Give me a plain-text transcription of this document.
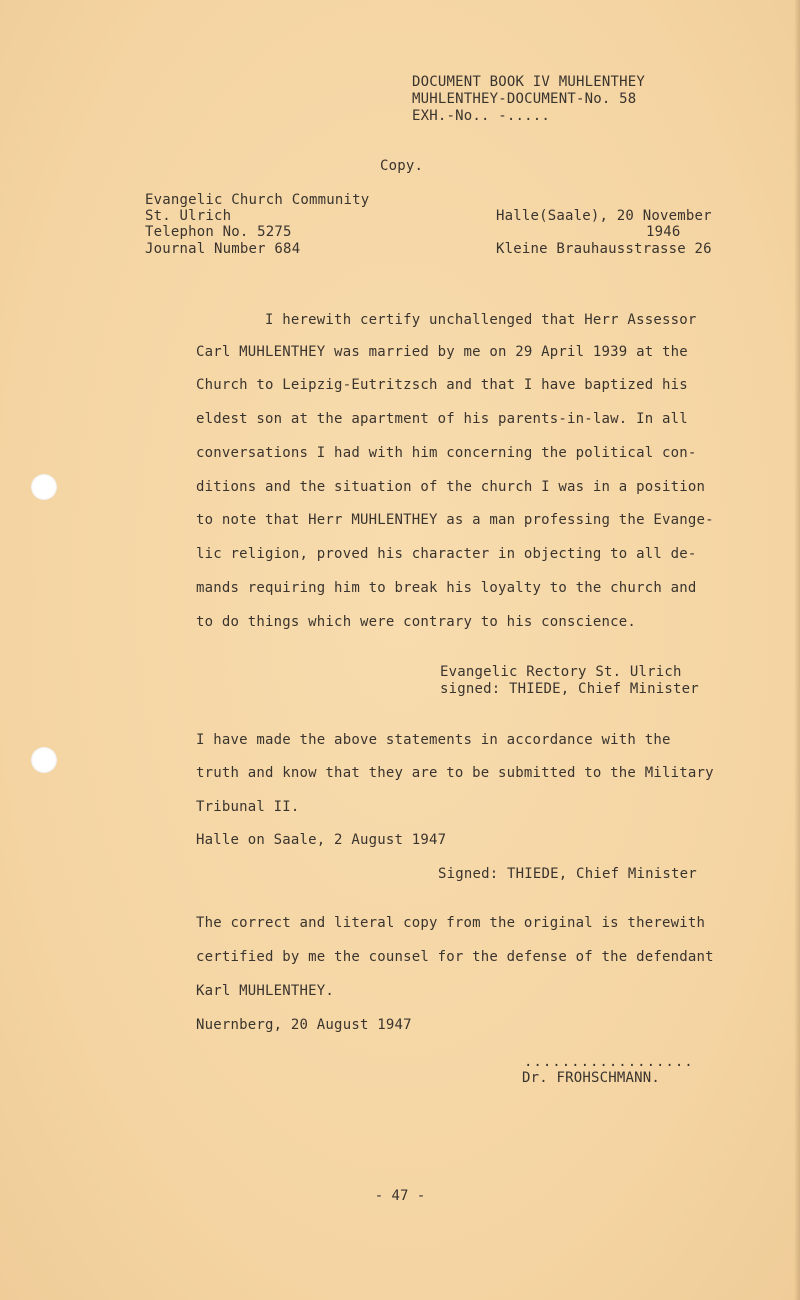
DOCUMENT BOOK IV MUHLENTHEY
MUHLENTHEY-DOCUMENT-No. 58
EXH.-No.. -.....
Copy.
Evangelic Church Community
St. Ulrich
Telephon No. 5275
Journal Number 684
Halle(Saale), 20 November
1946
Kleine Brauhausstrasse 26
I herewith certify unchallenged that Herr Assessor
Carl MUHLENTHEY was married by me on 29 April 1939 at the
Church to Leipzig-Eutritzsch and that I have baptized his
eldest son at the apartment of his parents-in-law. In all
conversations I had with him concerning the political con-
ditions and the situation of the church I was in a position
to note that Herr MUHLENTHEY as a man professing the Evange-
lic religion, proved his character in objecting to all de-
mands requiring him to break his loyalty to the church and
to do things which were contrary to his conscience.
Evangelic Rectory St. Ulrich
signed: THIEDE, Chief Minister
I have made the above statements in accordance with the
truth and know that they are to be submitted to the Military
Tribunal II.
Halle on Saale, 2 August 1947
Signed: THIEDE, Chief Minister
The correct and literal copy from the original is therewith
certified by me the counsel for the defense of the defendant
Karl MUHLENTHEY.
Nuernberg, 20 August 1947
..................
Dr. FROHSCHMANN.
- 47 -
